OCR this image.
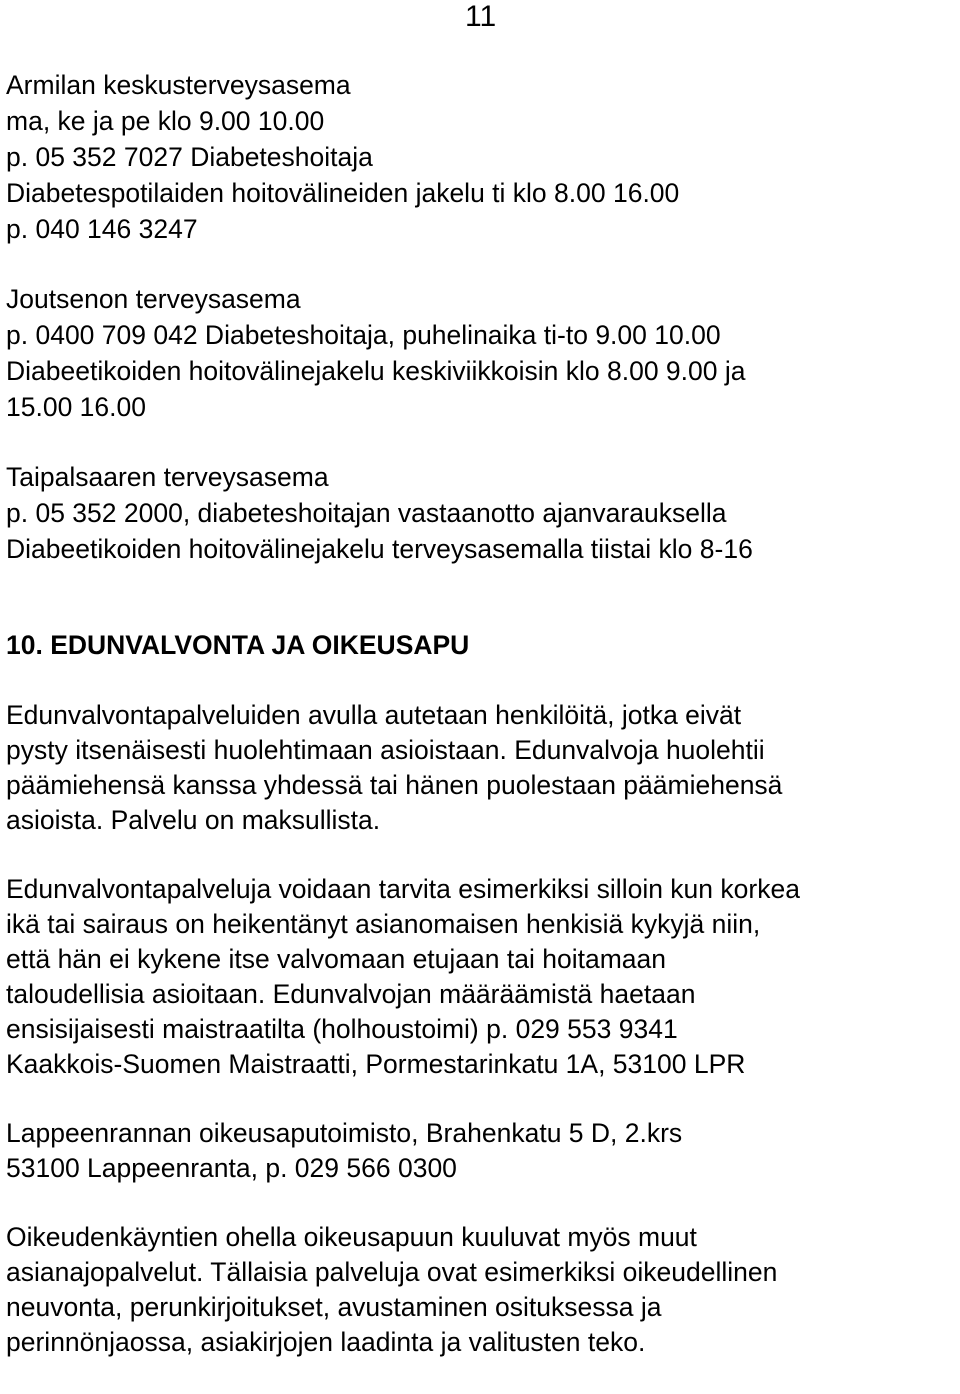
11
Armilan keskusterveysasema
ma, ke ja pe klo 9.00 10.00
p. 05 352 7027 Diabeteshoitaja
Diabetespotilaiden hoitovälineiden jakelu ti klo 8.00 16.00
p. 040 146 3247
Joutsenon terveysasema
p. 0400 709 042 Diabeteshoitaja, puhelinaika ti-to 9.00 10.00
Diabeetikoiden hoitovälinejakelu keskiviikkoisin klo 8.00 9.00 ja
15.00 16.00
Taipalsaaren terveysasema
p. 05 352 2000, diabeteshoitajan vastaanotto ajanvarauksella
Diabeetikoiden hoitovälinejakelu terveysasemalla tiistai klo 8-16
10. EDUNVALVONTA JA OIKEUSAPU
Edunvalvontapalveluiden avulla autetaan henkilöitä, jotka eivät
pysty itsenäisesti huolehtimaan asioistaan. Edunvalvoja huolehtii
päämiehensä kanssa yhdessä tai hänen puolestaan päämiehensä
asioista. Palvelu on maksullista.
Edunvalvontapalveluja voidaan tarvita esimerkiksi silloin kun korkea
ikä tai sairaus on heikentänyt asianomaisen henkisiä kykyjä niin,
että hän ei kykene itse valvomaan etujaan tai hoitamaan
taloudellisia asioitaan. Edunvalvojan määräämistä haetaan
ensisijaisesti maistraatilta (holhoustoimi) p. 029 553 9341
Kaakkois-Suomen Maistraatti, Pormestarinkatu 1A, 53100 LPR
Lappeenrannan oikeusaputoimisto, Brahenkatu 5 D, 2.krs
53100 Lappeenranta, p. 029 566 0300
Oikeudenkäyntien ohella oikeusapuun kuuluvat myös muut
asianajopalvelut. Tällaisia palveluja ovat esimerkiksi oikeudellinen
neuvonta, perunkirjoitukset, avustaminen osituksessa ja
perinnönjaossa, asiakirjojen laadinta ja valitusten teko.
